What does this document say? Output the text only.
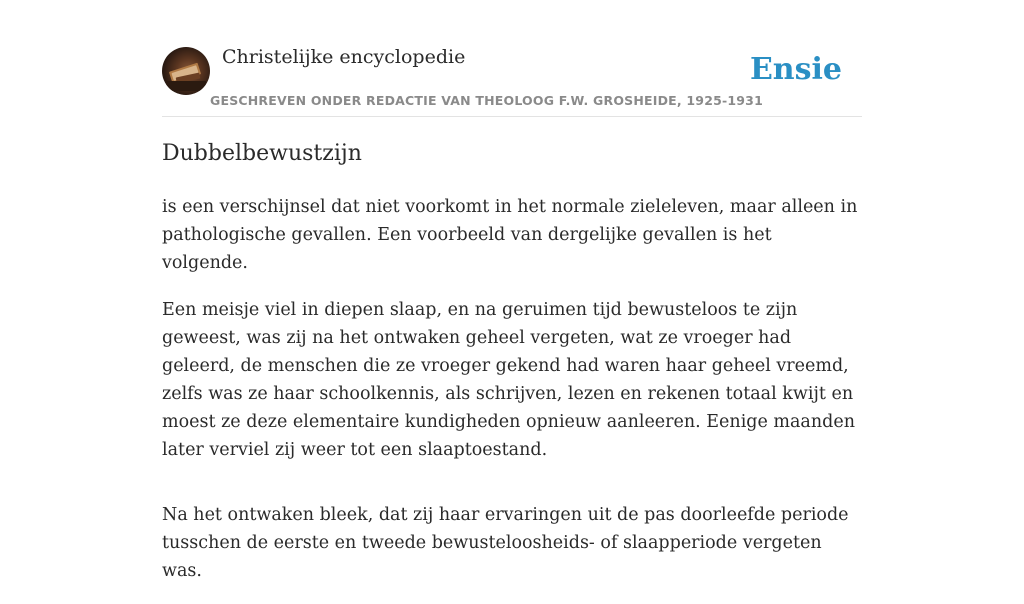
Christelijke encyclopedie
GESCHREVEN ONDER REDACTIE VAN THEOLOOG F.W. GROSHEIDE, 1925-1931
Ensie
Dubbelbewustzijn

is een verschijnsel dat niet voorkomt in het normale zieleleven, maar alleen in pathologische gevallen. Een voorbeeld van dergelijke gevallen is het volgende.

Een meisje viel in diepen slaap, en na geruimen tijd bewusteloos te zijn geweest, was zij na het ontwaken geheel vergeten, wat ze vroeger had geleerd, de menschen die ze vroeger gekend had waren haar geheel vreemd, zelfs was ze haar schoolkennis, als schrijven, lezen en rekenen totaal kwijt en moest ze deze elementaire kundigheden opnieuw aanleeren. Eenige maanden later verviel zij weer tot een slaaptoestand.

Na het ontwaken bleek, dat zij haar ervaringen uit de pas doorleefde periode tusschen de eerste en tweede bewusteloosheids- of slaapperiode vergeten was.
